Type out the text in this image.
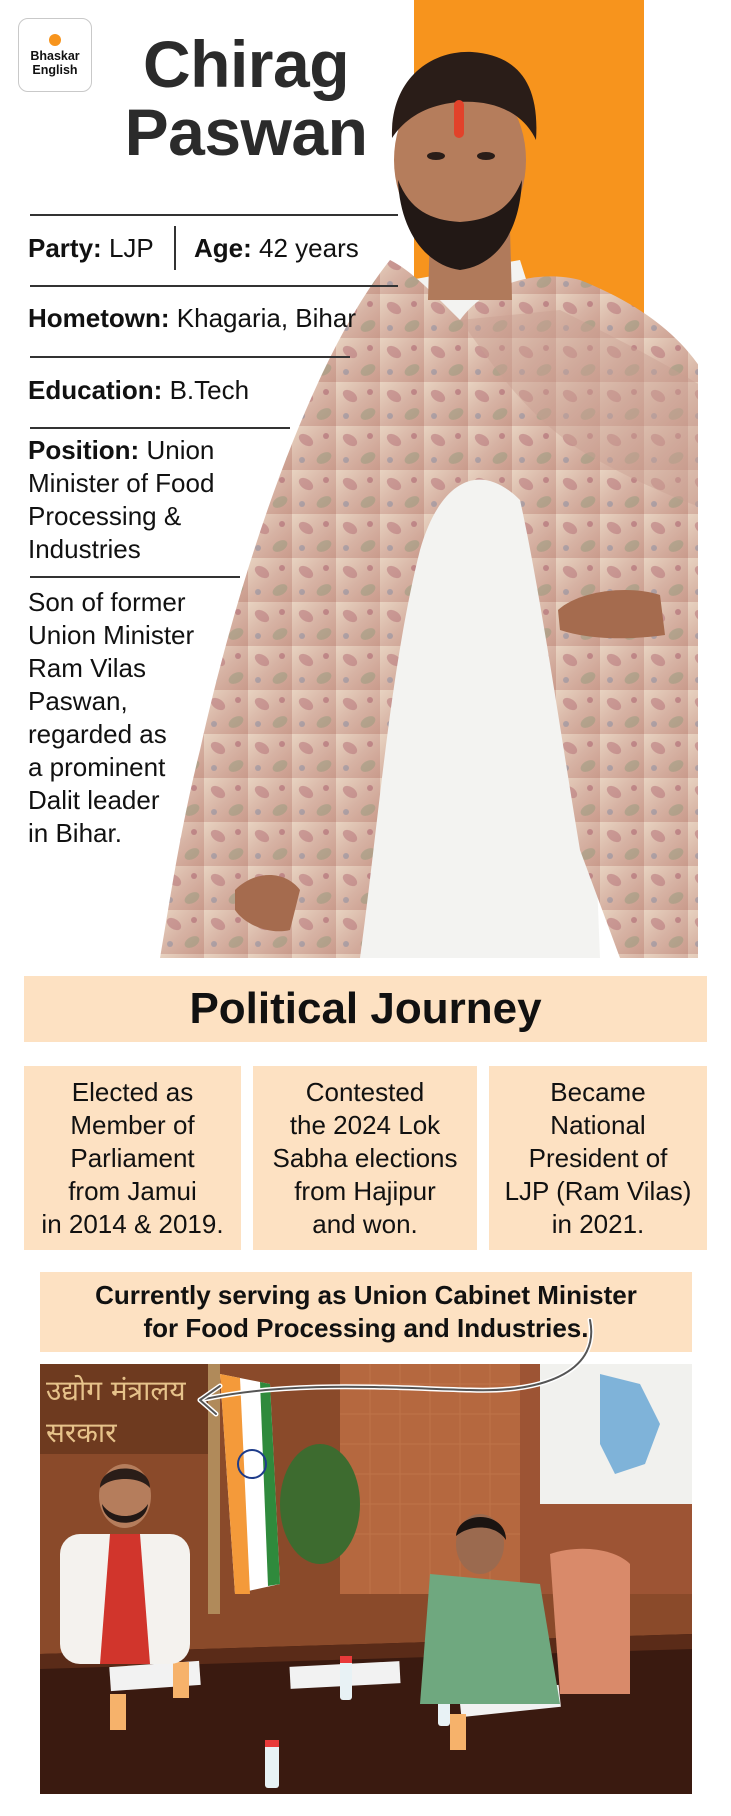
Bhaskar
English Chirag
Paswan
Party: LJP Age: 42 years
Hometown: Khagaria, Bihar
Education: B.Tech
Position: Union
Minister of Food
Processing &
Industries
Son of former
Union Minister
Ram Vilas
Paswan,
regarded as
a prominent
Dalit leader
in Bihar.
Political Journey
Elected as
Member of
Parliament
from Jamui
in 2014 & 2019.
Contested
the 2024 Lok
Sabha elections
from Hajipur
and won.
Became
National
President of
LJP (Ram Vilas)
in 2021.
Currently serving as Union Cabinet Minister
for Food Processing and Industries.
उद्योग मंत्रालय
सरकार
